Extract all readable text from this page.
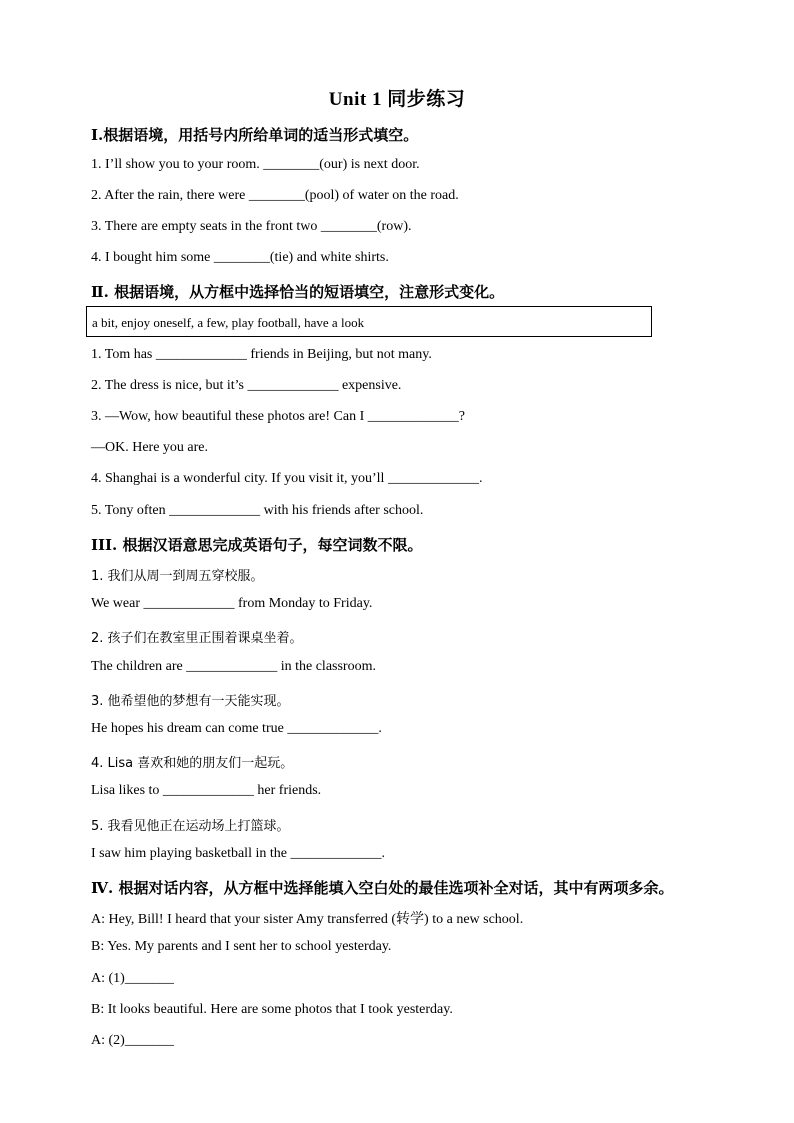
Unit 1 同步练习
Ⅰ.根据语境，用括号内所给单词的适当形式填空。
1. I’ll show you to your room. ________(our) is next door.
2. After the rain, there were ________(pool) of water on the road.
3. There are empty seats in the front two ________(row).
4. I bought him some ________(tie) and white shirts.
Ⅱ. 根据语境，从方框中选择恰当的短语填空，注意形式变化。
a bit, enjoy oneself, a few, play football, have a look
1. Tom has _____________ friends in Beijing, but not many.
2. The dress is nice, but it’s _____________ expensive.
3. —Wow, how beautiful these photos are! Can I _____________?
—OK. Here you are.
4. Shanghai is a wonderful city. If you visit it, you’ll _____________.
5. Tony often _____________ with his friends after school.
III. 根据汉语意思完成英语句子，每空词数不限。
1. 我们从周一到周五穿校服。
We wear _____________ from Monday to Friday.
2. 孩子们在教室里正围着课桌坐着。
The children are _____________ in the classroom.
3. 他希望他的梦想有一天能实现。
He hopes his dream can come true _____________.
4. Lisa 喜欢和她的朋友们一起玩。
Lisa likes to _____________ her friends.
5. 我看见他正在运动场上打篮球。
I saw him playing basketball in the _____________.
Ⅳ. 根据对话内容，从方框中选择能填入空白处的最佳选项补全对话，其中有两项多余。
A: Hey, Bill! I heard that your sister Amy transferred (转学) to a new school.
B: Yes. My parents and I sent her to school yesterday.
A: (1)_______
B: It looks beautiful. Here are some photos that I took yesterday.
A: (2)_______
